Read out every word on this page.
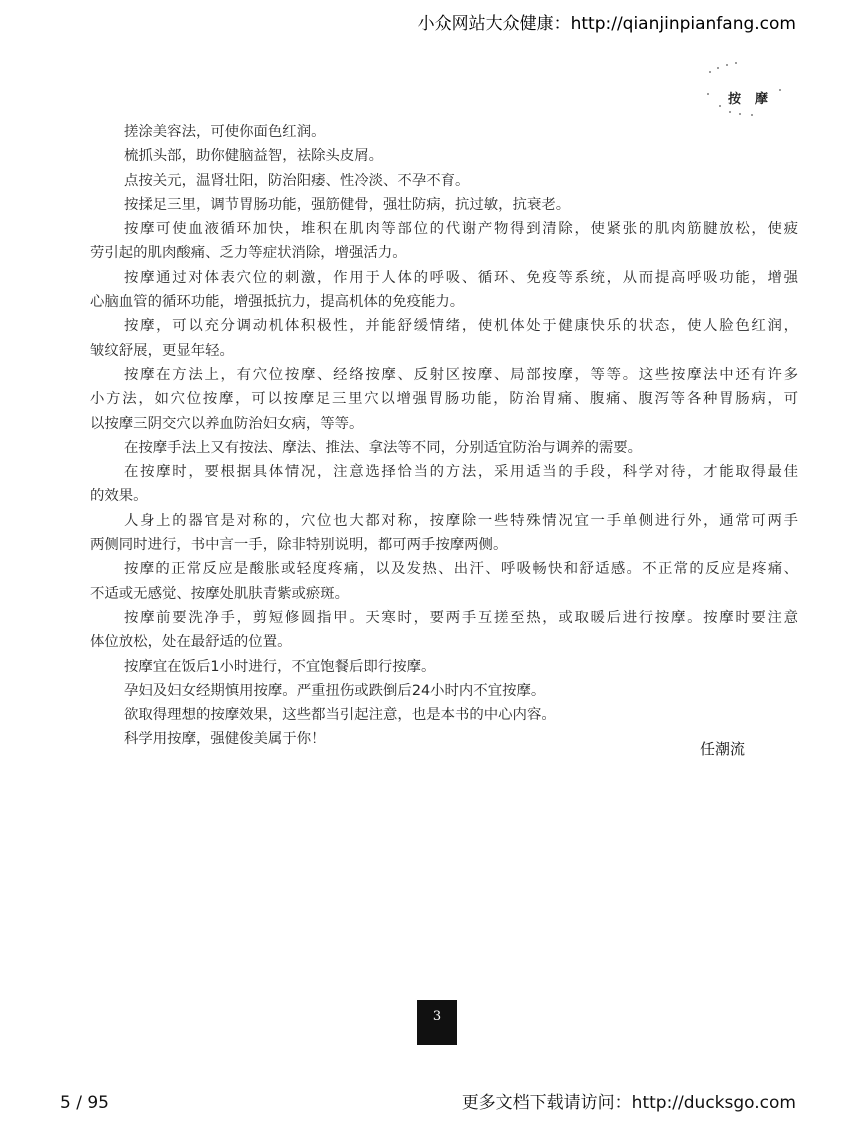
小众网站大众健康：http://qianjinpianfang.com
按摩
搓涂美容法，可使你面色红润。
梳抓头部，助你健脑益智，祛除头皮屑。
点按关元，温肾壮阳，防治阳痿、性冷淡、不孕不育。
按揉足三里，调节胃肠功能，强筋健骨，强壮防病，抗过敏，抗衰老。
按摩可使血液循环加快，堆积在肌肉等部位的代谢产物得到清除，使紧张的肌肉筋腱放松，使疲
劳引起的肌肉酸痛、乏力等症状消除，增强活力。
按摩通过对体表穴位的刺激，作用于人体的呼吸、循环、免疫等系统，从而提高呼吸功能，增强
心脑血管的循环功能，增强抵抗力，提高机体的免疫能力。
按摩，可以充分调动机体积极性，并能舒缓情绪，使机体处于健康快乐的状态，使人脸色红润，
皱纹舒展，更显年轻。
按摩在方法上，有穴位按摩、经络按摩、反射区按摩、局部按摩，等等。这些按摩法中还有许多
小方法，如穴位按摩，可以按摩足三里穴以增强胃肠功能，防治胃痛、腹痛、腹泻等各种胃肠病，可
以按摩三阴交穴以养血防治妇女病，等等。
在按摩手法上又有按法、摩法、推法、拿法等不同，分别适宜防治与调养的需要。
在按摩时，要根据具体情况，注意选择恰当的方法，采用适当的手段，科学对待，才能取得最佳
的效果。
人身上的器官是对称的，穴位也大都对称，按摩除一些特殊情况宜一手单侧进行外，通常可两手
两侧同时进行，书中言一手，除非特别说明，都可两手按摩两侧。
按摩的正常反应是酸胀或轻度疼痛，以及发热、出汗、呼吸畅快和舒适感。不正常的反应是疼痛、
不适或无感觉、按摩处肌肤青紫或瘀斑。
按摩前要洗净手，剪短修圆指甲。天寒时，要两手互搓至热，或取暖后进行按摩。按摩时要注意
体位放松，处在最舒适的位置。
按摩宜在饭后1小时进行，不宜饱餐后即行按摩。
孕妇及妇女经期慎用按摩。严重扭伤或跌倒后24小时内不宜按摩。
欲取得理想的按摩效果，这些都当引起注意，也是本书的中心内容。
科学用按摩，强健俊美属于你！
任潮流
3
5 / 95	更多文档下载请访问：http://ducksgo.com
